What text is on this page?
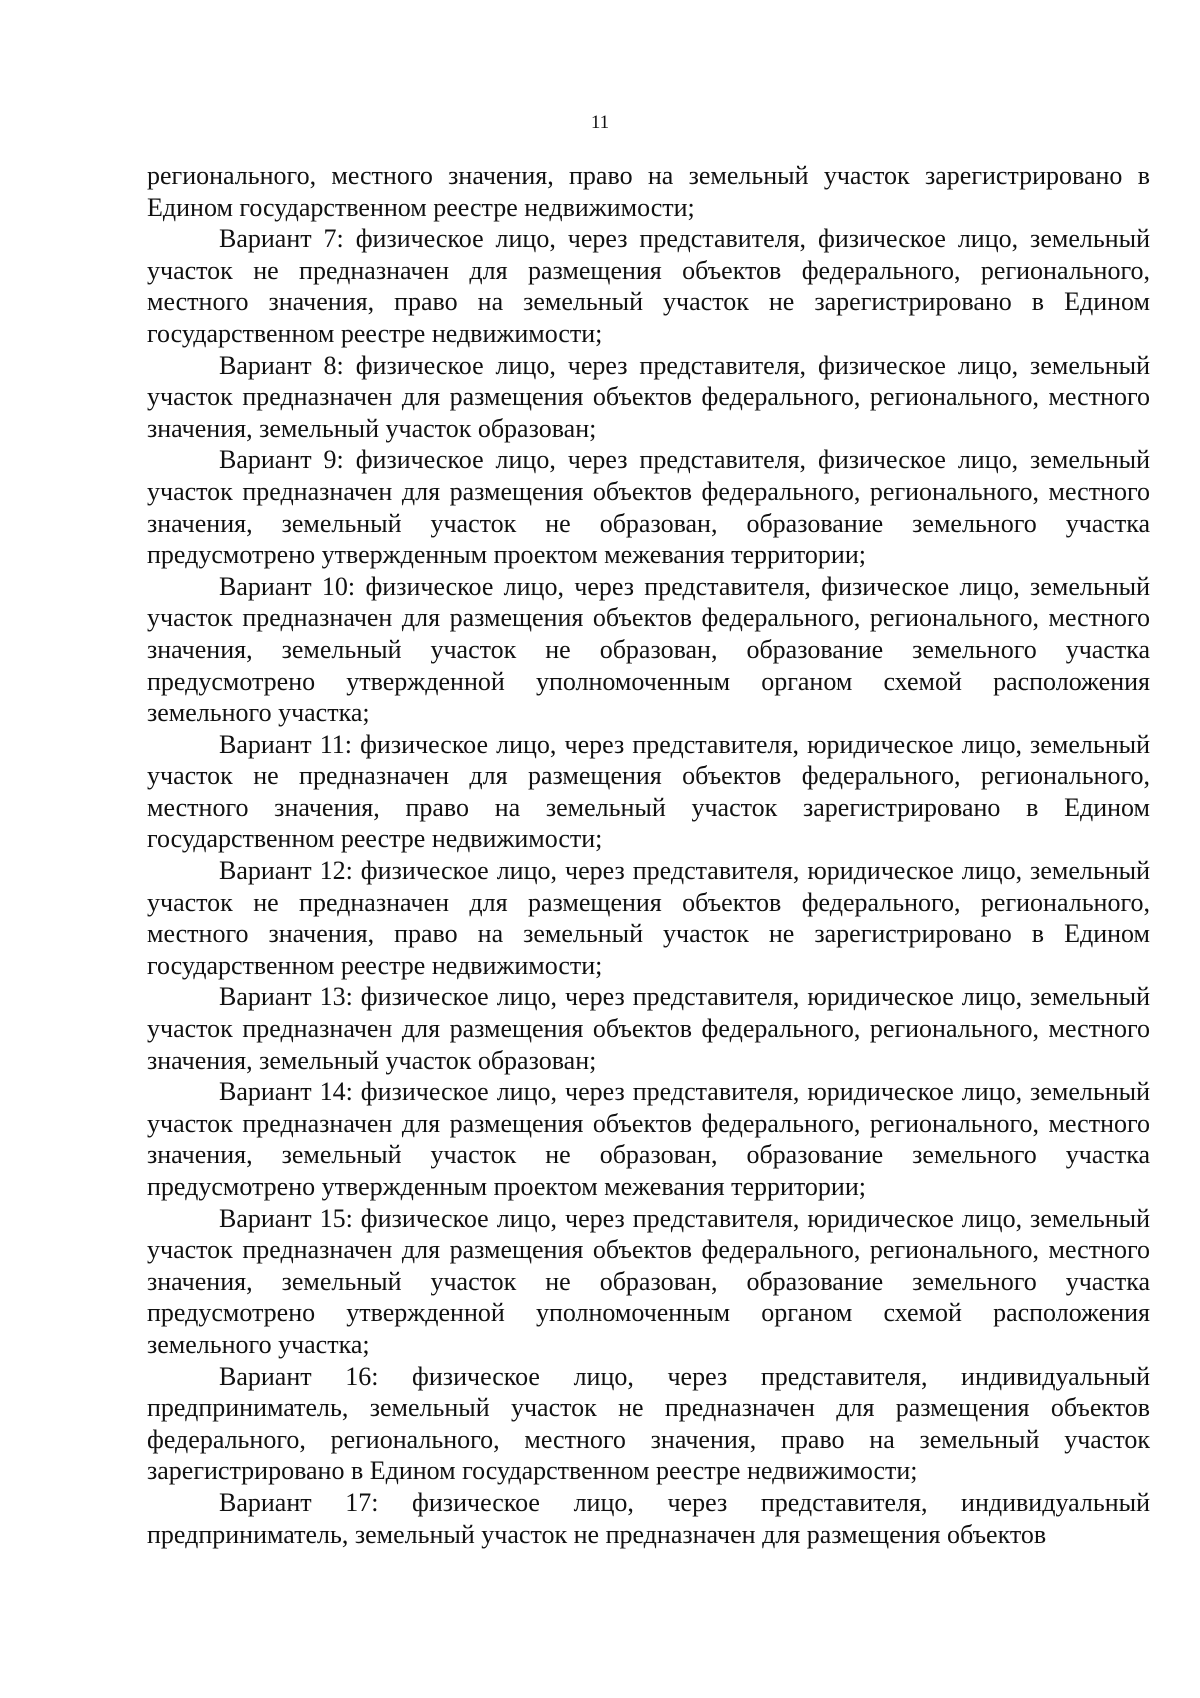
11

регионального, местного значения, право на земельный участок зарегистрировано в Едином государственном реестре недвижимости;

Вариант 7: физическое лицо, через представителя, физическое лицо, земельный участок не предназначен для размещения объектов федерального, регионального, местного значения, право на земельный участок не зарегистрировано в Едином государственном реестре недвижимости;

Вариант 8: физическое лицо, через представителя, физическое лицо, земельный участок предназначен для размещения объектов федерального, регионального, местного значения, земельный участок образован;

Вариант 9: физическое лицо, через представителя, физическое лицо, земельный участок предназначен для размещения объектов федерального, регионального, местного значения, земельный участок не образован, образование земельного участка предусмотрено утвержденным проектом межевания территории;

Вариант 10: физическое лицо, через представителя, физическое лицо, земельный участок предназначен для размещения объектов федерального, регионального, местного значения, земельный участок не образован, образование земельного участка предусмотрено утвержденной уполномоченным органом схемой расположения земельного участка;

Вариант 11: физическое лицо, через представителя, юридическое лицо, земельный участок не предназначен для размещения объектов федерального, регионального, местного значения, право на земельный участок зарегистрировано в Едином государственном реестре недвижимости;

Вариант 12: физическое лицо, через представителя, юридическое лицо, земельный участок не предназначен для размещения объектов федерального, регионального, местного значения, право на земельный участок не зарегистрировано в Едином государственном реестре недвижимости;

Вариант 13: физическое лицо, через представителя, юридическое лицо, земельный участок предназначен для размещения объектов федерального, регионального, местного значения, земельный участок образован;

Вариант 14: физическое лицо, через представителя, юридическое лицо, земельный участок предназначен для размещения объектов федерального, регионального, местного значения, земельный участок не образован, образование земельного участка предусмотрено утвержденным проектом межевания территории;

Вариант 15: физическое лицо, через представителя, юридическое лицо, земельный участок предназначен для размещения объектов федерального, регионального, местного значения, земельный участок не образован, образование земельного участка предусмотрено утвержденной уполномоченным органом схемой расположения земельного участка;

Вариант 16: физическое лицо, через представителя, индивидуальный предприниматель, земельный участок не предназначен для размещения объектов федерального, регионального, местного значения, право на земельный участок зарегистрировано в Едином государственном реестре недвижимости;

Вариант 17: физическое лицо, через представителя, индивидуальный предприниматель, земельный участок не предназначен для размещения объектов
